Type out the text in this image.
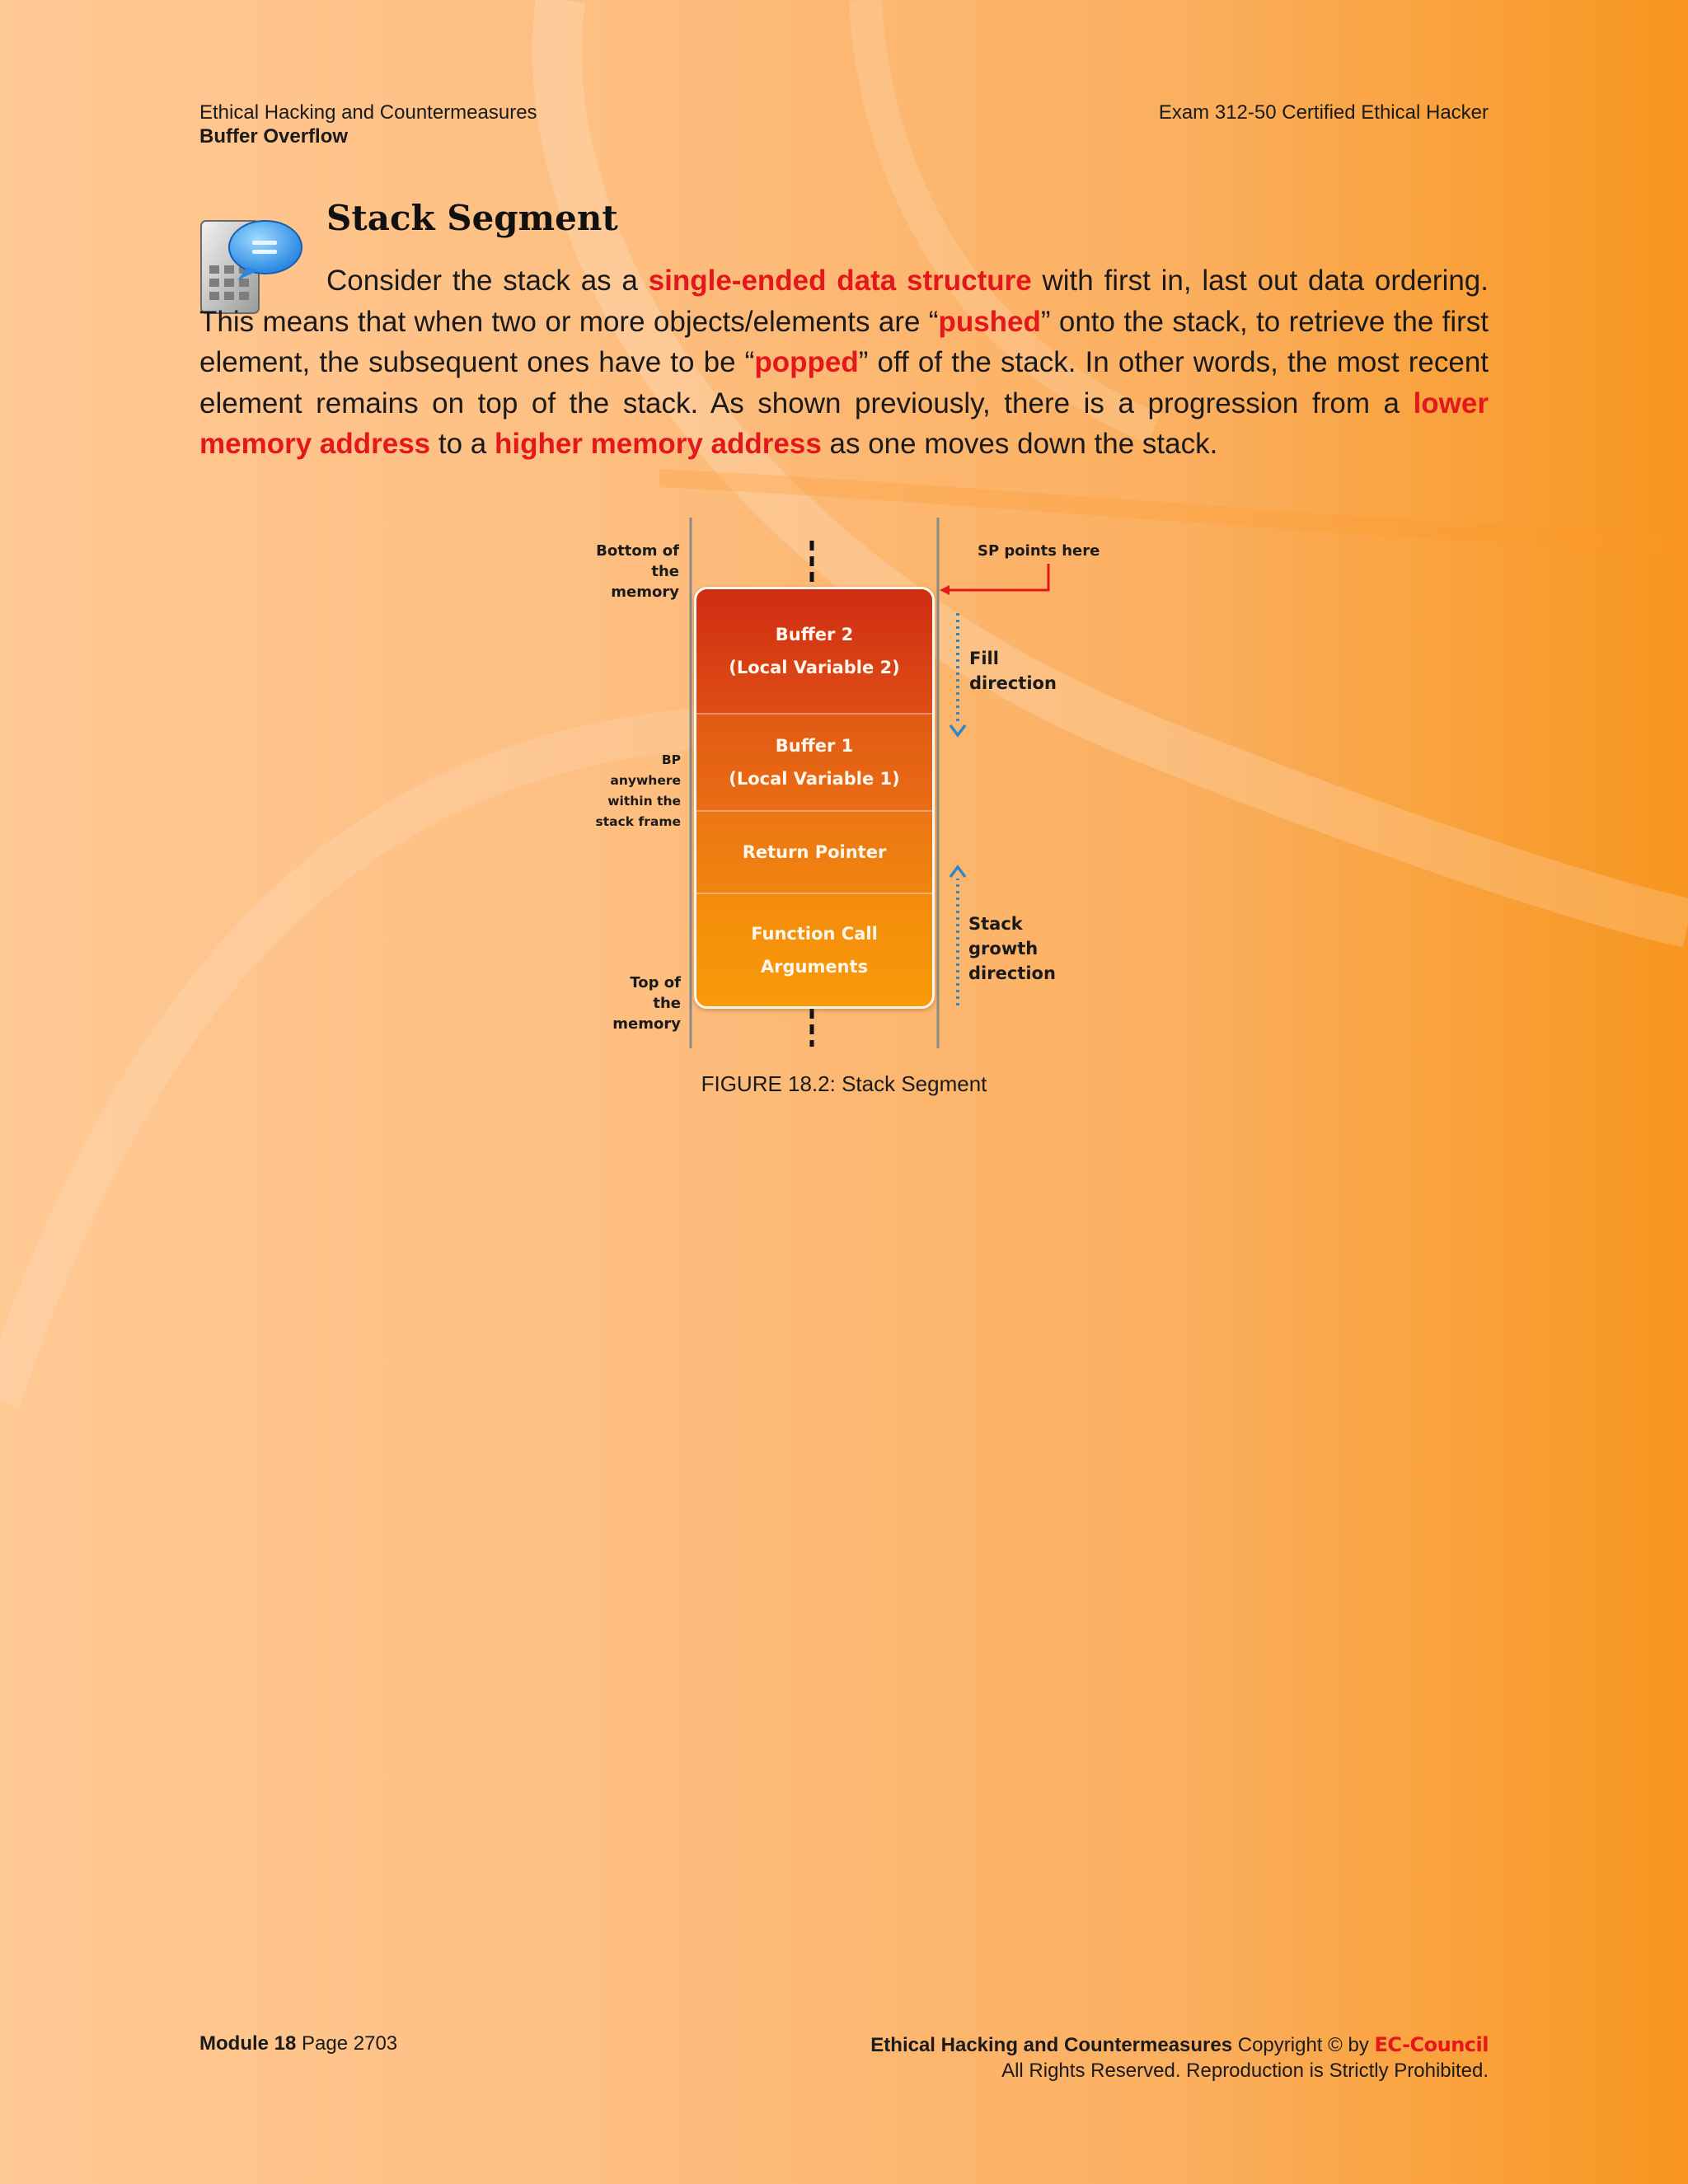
Ethical Hacking and Countermeasures
Buffer Overflow
Exam 312-50 Certified Ethical Hacker
Stack Segment

Consider the stack as a single-ended data structure with first in, last out data ordering. This means that when two or more objects/elements are “pushed” onto the stack, to retrieve the first element, the subsequent ones have to be “popped” off of the stack. In other words, the most recent element remains on top of the stack. As shown previously, there is a progression from a lower memory address to a higher memory address as one moves down the stack.

Buffer 2
(Local Variable 2)
Buffer 1
(Local Variable 1)
Return Pointer
Function Call
Arguments
Bottom of
the
memory
BP
anywhere
within the
stack frame
Top of
the
memory
SP points here
Fill
direction
Stack
growth
direction
FIGURE 18.2: Stack Segment
Module 18 Page 2703	Ethical Hacking and Countermeasures Copyright © by EC-Council
All Rights Reserved. Reproduction is Strictly Prohibited.
